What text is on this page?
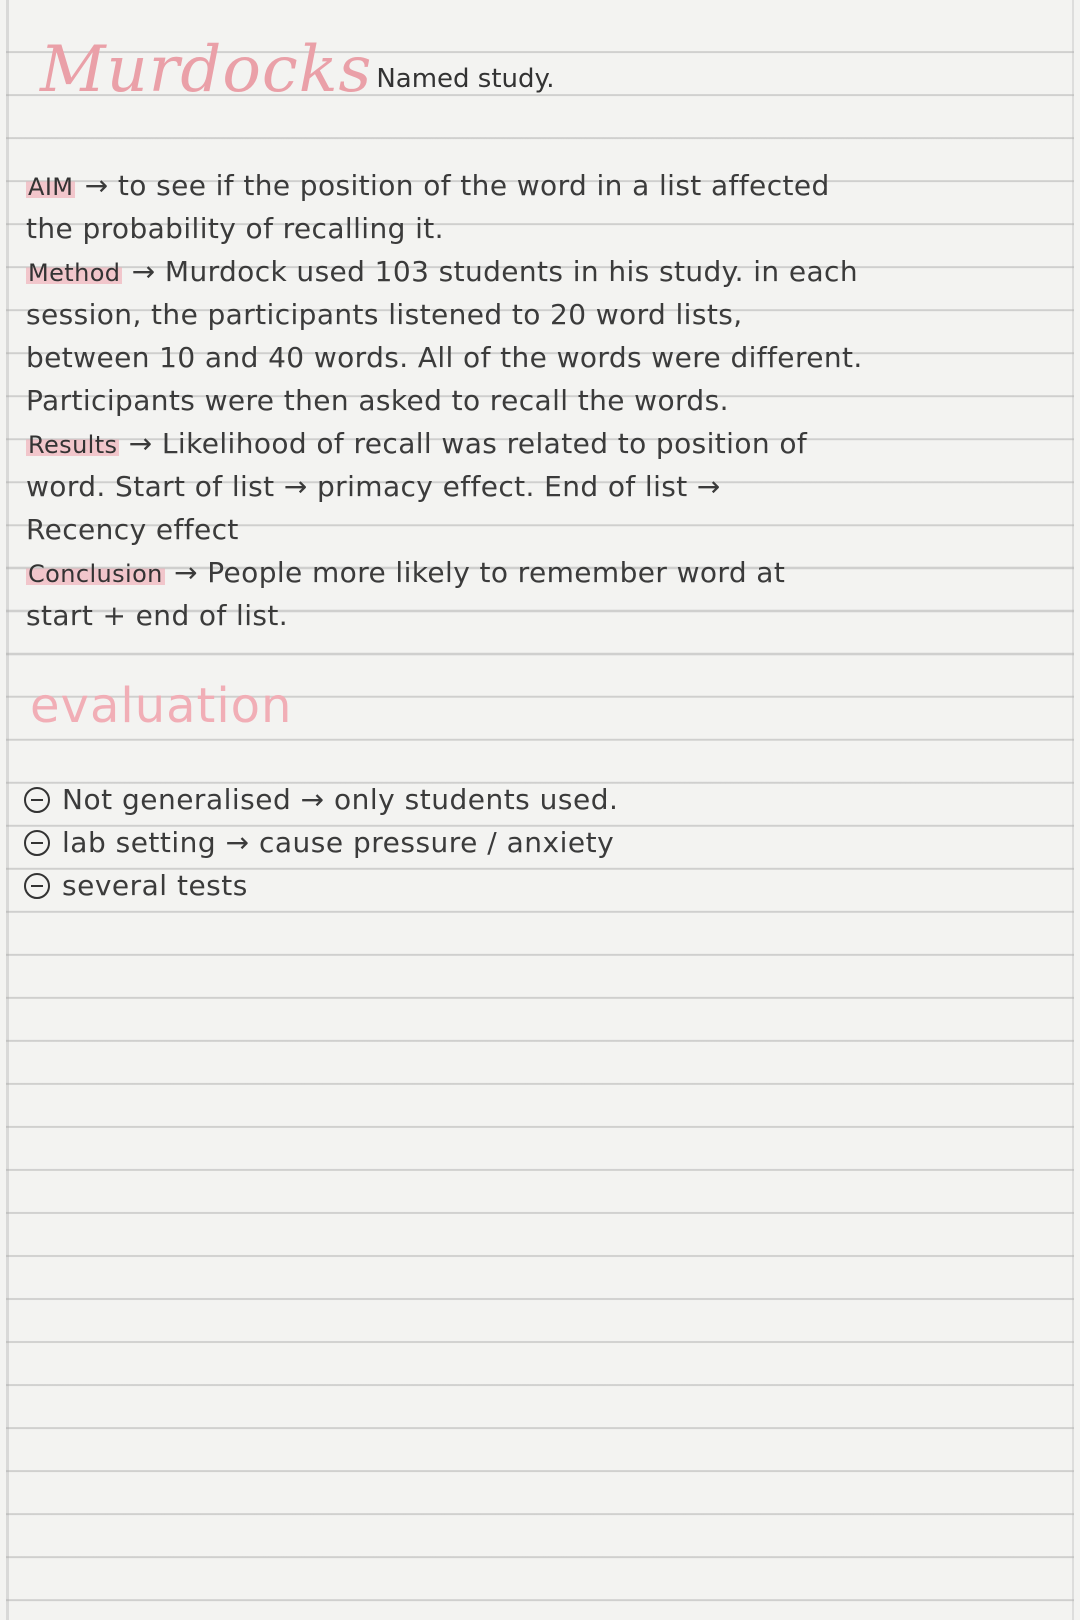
Murdocks Named study.
AIM → to see if the position of the word in a list affected
the probability of recalling it.
Method → Murdock used 103 students in his study. in each
session, the participants listened to 20 word lists,
between 10 and 40 words. All of the words were different.
Participants were then asked to recall the words.
Results → Likelihood of recall was related to position of
word. Start of list → primacy effect. End of list →
Recency effect
Conclusion → People more likely to remember word at
start + end of list.
evaluation
Not generalised → only students used.
lab setting → cause pressure / anxiety
several tests
